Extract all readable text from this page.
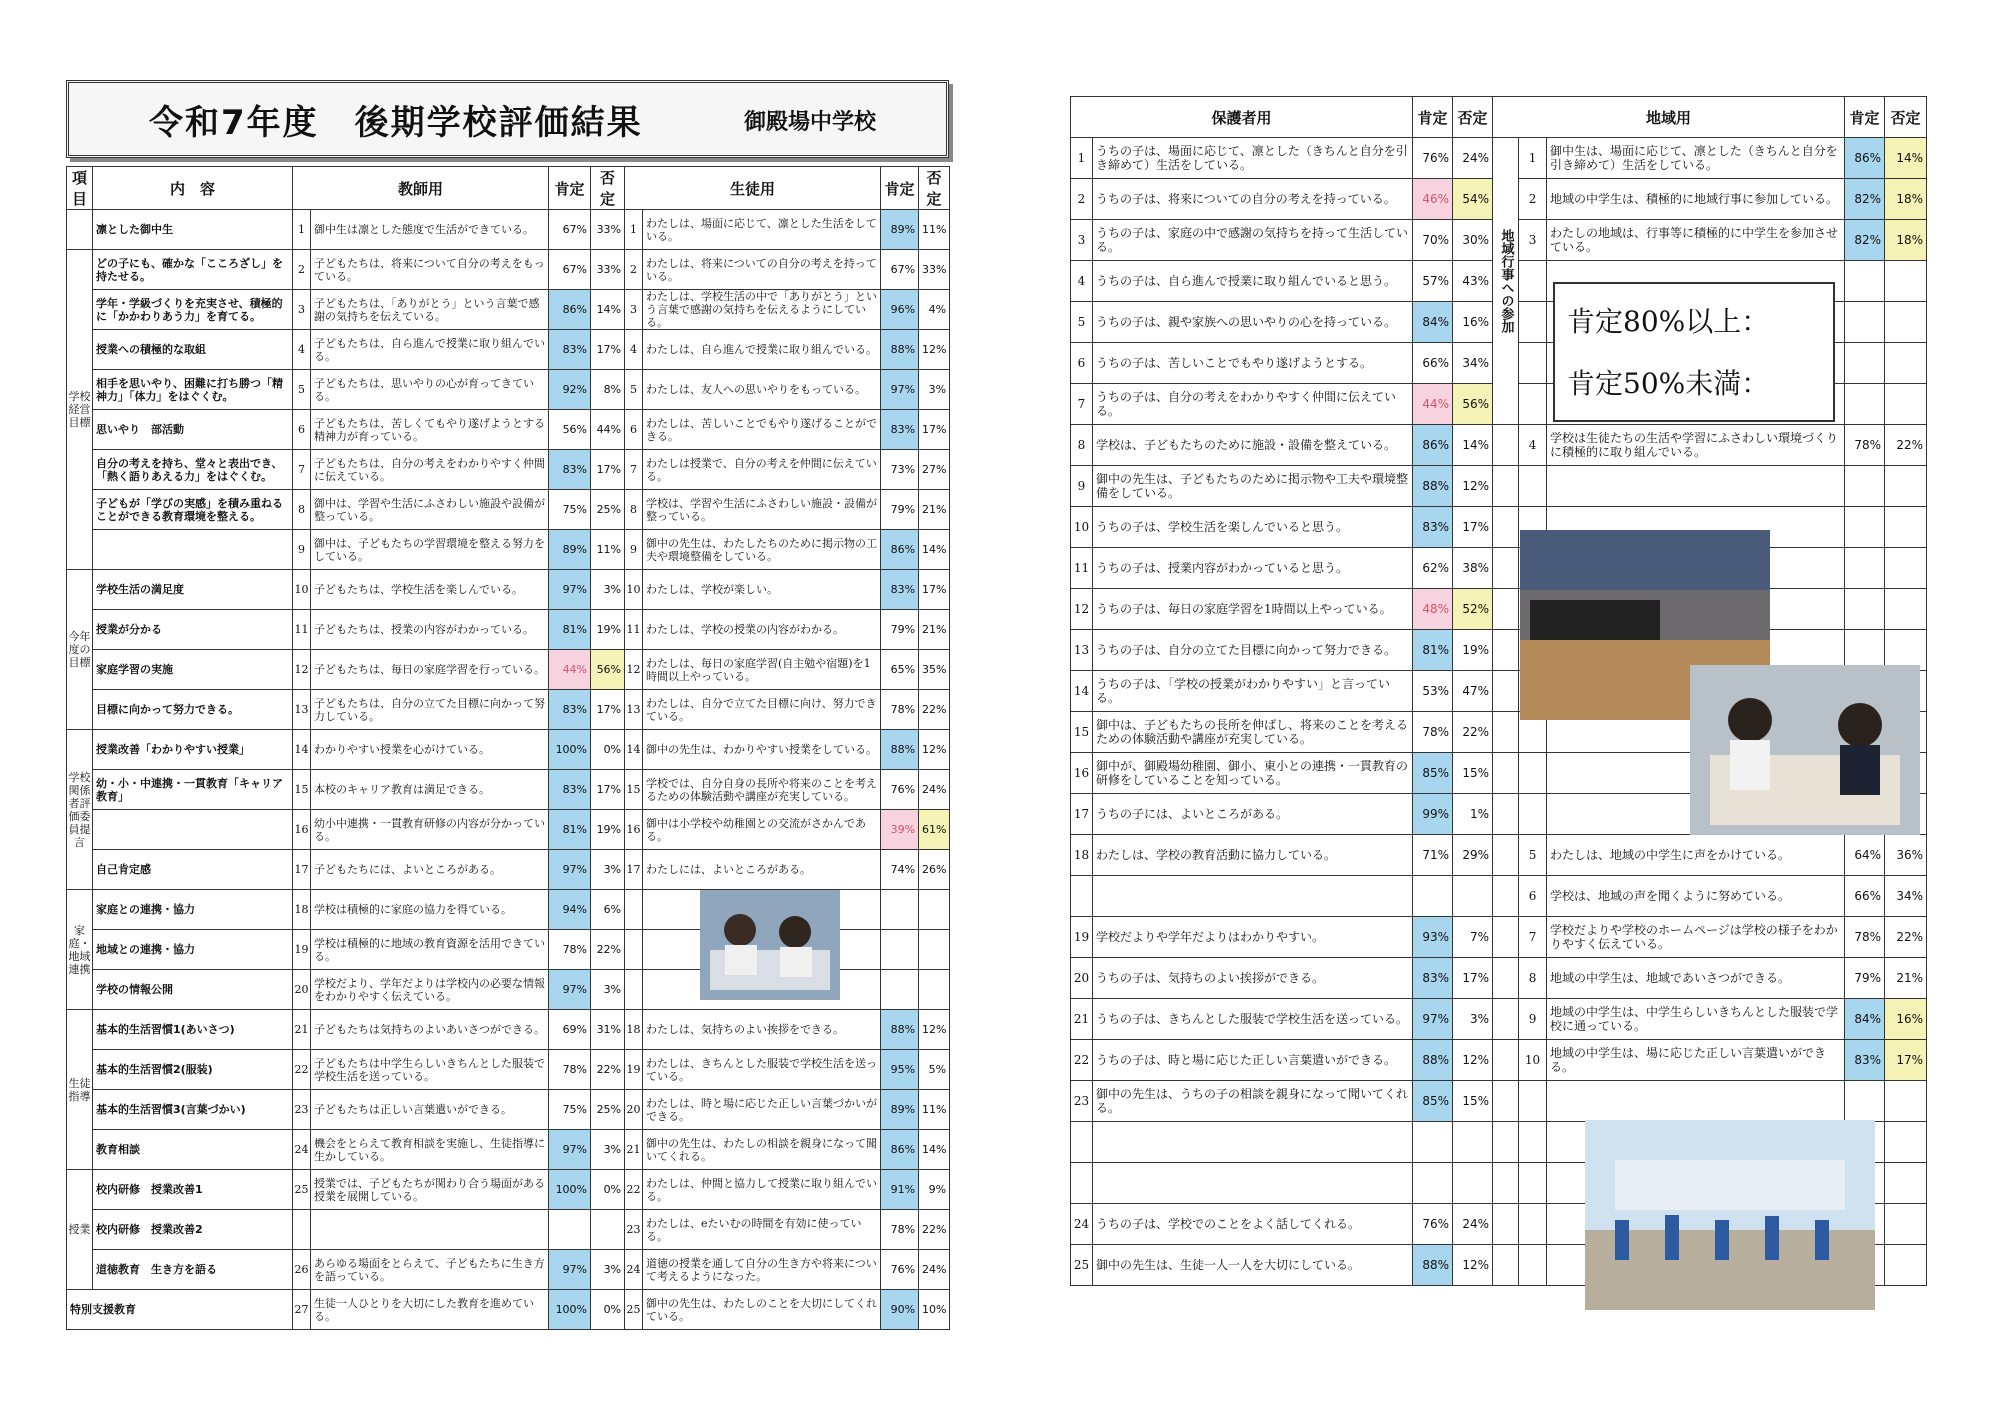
令和7年度　後期学校評価結果	御殿場中学校
項目	内　容	教師用		肯定	否定	生徒用		肯定	否定
	凛とした御中生	1	御中生は凛とした態度で生活ができている。	67%	33%	1	わたしは、場面に応じて、凛とした生活をしている。	89%	11%
学校経営目標	どの子にも、確かな「こころざし」を持たせる。	2	子どもたちは、将来について自分の考えをもっている。	67%	33%	2	わたしは、将来についての自分の考えを持っている。	67%	33%
	学年・学級づくりを充実させ、積極的に「かかわりあう力」を育てる。	3	子どもたちは、「ありがとう」という言葉で感謝の気持ちを伝えている。	86%	14%	3	わたしは、学校生活の中で「ありがとう」という言葉で感謝の気持ちを伝えるようにしている。	96%	4%
	授業への積極的な取組	4	子どもたちは、自ら進んで授業に取り組んでいる。	83%	17%	4	わたしは、自ら進んで授業に取り組んでいる。	88%	12%
	相手を思いやり、困難に打ち勝つ「精神力」「体力」をはぐくむ。	5	子どもたちは、思いやりの心が育ってきている。	92%	8%	5	わたしは、友人への思いやりをもっている。	97%	3%
	思いやり　部活動	6	子どもたちは、苦しくてもやり遂げようとする精神力が育っている。	56%	44%	6	わたしは、苦しいことでもやり遂げることができる。	83%	17%
	自分の考えを持ち、堂々と表出でき、「熱く語りあえる力」をはぐくむ。	7	子どもたちは、自分の考えをわかりやすく仲間に伝えている。	83%	17%	7	わたしは授業で、自分の考えを仲間に伝えている。	73%	27%
	子どもが「学びの実感」を積み重ねることができる教育環境を整える。	8	御中は、学習や生活にふさわしい施設や設備が整っている。	75%	25%	8	学校は、学習や生活にふさわしい施設・設備が整っている。	79%	21%
		9	御中は、子どもたちの学習環境を整える努力をしている。	89%	11%	9	御中の先生は、わたしたちのために掲示物の工夫や環境整備をしている。	86%	14%
今年度の目標	学校生活の満足度	10	子どもたちは、学校生活を楽しんでいる。	97%	3%	10	わたしは、学校が楽しい。	83%	17%
	授業が分かる	11	子どもたちは、授業の内容がわかっている。	81%	19%	11	わたしは、学校の授業の内容がわかる。	79%	21%
	家庭学習の実施	12	子どもたちは、毎日の家庭学習を行っている。	44%	56%	12	わたしは、毎日の家庭学習(自主勉や宿題)を1時間以上やっている。	65%	35%
	目標に向かって努力できる。	13	子どもたちは、自分の立てた目標に向かって努力している。	83%	17%	13	わたしは、自分で立てた目標に向け、努力できている。	78%	22%
学校関係者評価委員提言	授業改善「わかりやすい授業」	14	わかりやすい授業を心がけている。	100%	0%	14	御中の先生は、わかりやすい授業をしている。	88%	12%
	幼・小・中連携・一貫教育「キャリア教育」	15	本校のキャリア教育は満足できる。	83%	17%	15	学校では、自分自身の長所や将来のことを考えるための体験活動や講座が充実している。	76%	24%
		16	幼小中連携・一貫教育研修の内容が分かっている。	81%	19%	16	御中は小学校や幼稚園との交流がさかんである。	39%	61%
	自己肯定感	17	子どもたちには、よいところがある。	97%	3%	17	わたしには、よいところがある。	74%	26%
家庭・地域連携	家庭との連携・協力	18	学校は積極的に家庭の協力を得ている。	94%	6%				
	地域との連携・協力	19	学校は積極的に地域の教育資源を活用できている。	78%	22%				
	学校の情報公開	20	学校だより、学年だよりは学校内の必要な情報をわかりやすく伝えている。	97%	3%				
生徒指導	基本的生活習慣1(あいさつ)	21	子どもたちは気持ちのよいあいさつができる。	69%	31%	18	わたしは、気持ちのよい挨拶をできる。	88%	12%
	基本的生活習慣2(服装)	22	子どもたちは中学生らしいきちんとした服装で学校生活を送っている。	78%	22%	19	わたしは、きちんとした服装で学校生活を送っている。	95%	5%
	基本的生活習慣3(言葉づかい)	23	子どもたちは正しい言葉遣いができる。	75%	25%	20	わたしは、時と場に応じた正しい言葉づかいができる。	89%	11%
	教育相談	24	機会をとらえて教育相談を実施し、生徒指導に生かしている。	97%	3%	21	御中の先生は、わたしの相談を親身になって聞いてくれる。	86%	14%
授業	校内研修　授業改善1	25	授業では、子どもたちが関わり合う場面がある授業を展開している。	100%	0%	22	わたしは、仲間と協力して授業に取り組んでいる。	91%	9%
	校内研修　授業改善2					23	わたしは、eたいむの時間を有効に使っている。	78%	22%
	道徳教育　生き方を語る	26	あらゆる場面をとらえて、子どもたちに生き方を語っている。	97%	3%	24	道徳の授業を通して自分の生き方や将来について考えるようになった。	76%	24%
特別支援教育		27	生徒一人ひとりを大切にした教育を進めている。	100%	0%	25	御中の先生は、わたしのことを大切にしてくれている。	90%	10%
保護者用		肯定	否定	地域用			肯定	否定
1	うちの子は、場面に応じて、凛とした（きちんと自分を引き締めて）生活をしている。	76%	24%	地域行事への参加	1	御中生は、場面に応じて、凛とした（きちんと自分を引き締めて）生活をしている。	86%	14%
2	うちの子は、将来についての自分の考えを持っている。	46%	54%		2	地域の中学生は、積極的に地域行事に参加している。	82%	18%
3	うちの子は、家庭の中で感謝の気持ちを持って生活している。	70%	30%		3	わたしの地域は、行事等に積極的に中学生を参加させている。	82%	18%
4	うちの子は、自ら進んで授業に取り組んでいると思う。	57%	43%					
5	うちの子は、親や家族への思いやりの心を持っている。	84%	16%					
6	うちの子は、苦しいことでもやり遂げようとする。	66%	34%					
7	うちの子は、自分の考えをわかりやすく仲間に伝えている。	44%	56%					
8	学校は、子どもたちのために施設・設備を整えている。	86%	14%		4	学校は生徒たちの生活や学習にふさわしい環境づくりに積極的に取り組んでいる。	78%	22%
9	御中の先生は、子どもたちのために掲示物や工夫や環境整備をしている。	88%	12%					
10	うちの子は、学校生活を楽しんでいると思う。	83%	17%					
11	うちの子は、授業内容がわかっていると思う。	62%	38%					
12	うちの子は、毎日の家庭学習を1時間以上やっている。	48%	52%					
13	うちの子は、自分の立てた目標に向かって努力できる。	81%	19%					
14	うちの子は、「学校の授業がわかりやすい」と言っている。	53%	47%					
15	御中は、子どもたちの長所を伸ばし、将来のことを考えるための体験活動や講座が充実している。	78%	22%					
16	御中が、御殿場幼稚園、御小、東小との連携・一貫教育の研修をしていることを知っている。	85%	15%					
17	うちの子には、よいところがある。	99%	1%					
18	わたしは、学校の教育活動に協力している。	71%	29%		5	わたしは、地域の中学生に声をかけている。	64%	36%
					6	学校は、地域の声を聞くように努めている。	66%	34%
19	学校だよりや学年だよりはわかりやすい。	93%	7%		7	学校だよりや学校のホームページは学校の様子をわかりやすく伝えている。	78%	22%
20	うちの子は、気持ちのよい挨拶ができる。	83%	17%		8	地域の中学生は、地域であいさつができる。	79%	21%
21	うちの子は、きちんとした服装で学校生活を送っている。	97%	3%		9	地域の中学生は、中学生らしいきちんとした服装で学校に通っている。	84%	16%
22	うちの子は、時と場に応じた正しい言葉遣いができる。	88%	12%		10	地域の中学生は、場に応じた正しい言葉遣いができる。	83%	17%
23	御中の先生は、うちの子の相談を親身になって聞いてくれる。	85%	15%					

24	うちの子は、学校でのことをよく話してくれる。	76%	24%					
25	御中の先生は、生徒一人一人を大切にしている。	88%	12%					
肯定80%以上：
肯定50%未満：
